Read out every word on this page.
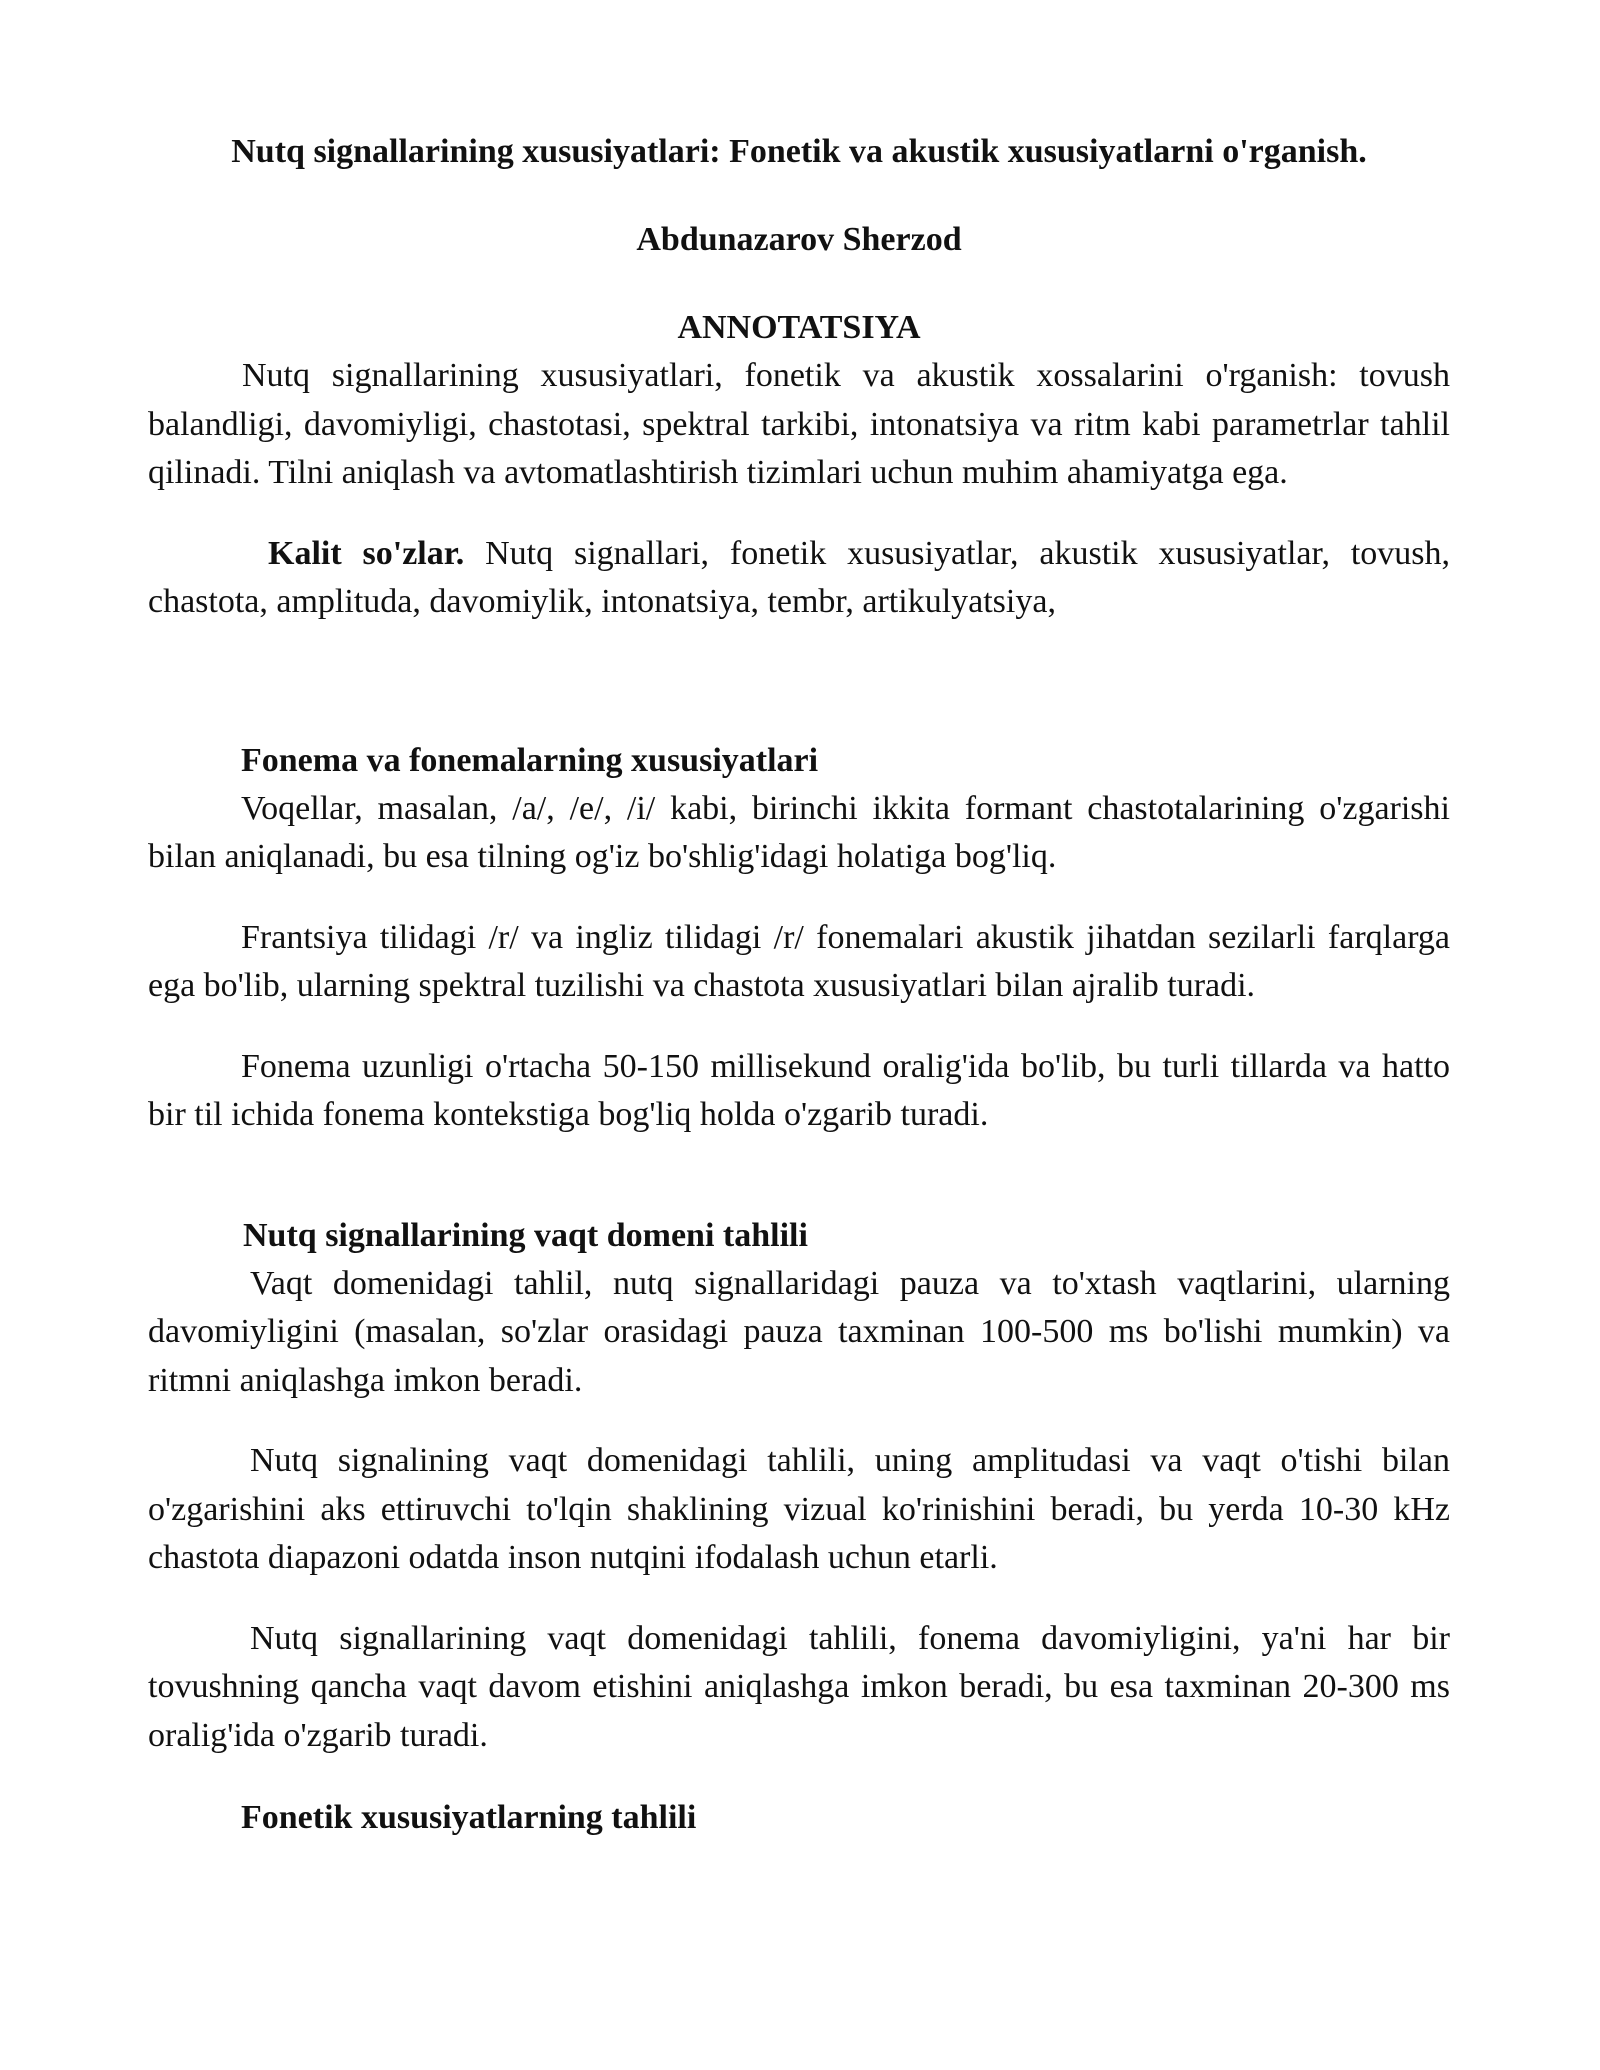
Nutq signallarining xususiyatlari: Fonetik va akustik xususiyatlarni o'rganish.
Abdunazarov Sherzod
ANNOTATSIYA

Nutq signallarining xususiyatlari, fonetik va akustik xossalarini o'rganish: tovush balandligi, davomiyligi, chastotasi, spektral tarkibi, intonatsiya va ritm kabi parametrlar tahlil qilinadi. Tilni aniqlash va avtomatlashtirish tizimlari uchun muhim ahamiyatga ega.

Kalit so'zlar. Nutq signallari, fonetik xususiyatlar, akustik xususiyatlar, tovush, chastota, amplituda, davomiylik, intonatsiya, tembr, artikulyatsiya,

Fonema va fonemalarning xususiyatlari

Voqellar, masalan, /a/, /e/, /i/ kabi, birinchi ikkita formant chastotalarining o'zgarishi bilan aniqlanadi, bu esa tilning og'iz bo'shlig'idagi holatiga bog'liq.

Frantsiya tilidagi /r/ va ingliz tilidagi /r/ fonemalari akustik jihatdan sezilarli farqlarga ega bo'lib, ularning spektral tuzilishi va chastota xususiyatlari bilan ajralib turadi.

Fonema uzunligi o'rtacha 50-150 millisekund oralig'ida bo'lib, bu turli tillarda va hatto bir til ichida fonema kontekstiga bog'liq holda o'zgarib turadi.

Nutq signallarining vaqt domeni tahlili

Vaqt domenidagi tahlil, nutq signallaridagi pauza va to'xtash vaqtlarini, ularning davomiyligini (masalan, so'zlar orasidagi pauza taxminan 100-500 ms bo'lishi mumkin) va ritmni aniqlashga imkon beradi.

Nutq signalining vaqt domenidagi tahlili, uning amplitudasi va vaqt o'tishi bilan o'zgarishini aks ettiruvchi to'lqin shaklining vizual ko'rinishini beradi, bu yerda 10-30 kHz chastota diapazoni odatda inson nutqini ifodalash uchun etarli.

Nutq signallarining vaqt domenidagi tahlili, fonema davomiyligini, ya'ni har bir tovushning qancha vaqt davom etishini aniqlashga imkon beradi, bu esa taxminan 20-300 ms oralig'ida o'zgarib turadi.

Fonetik xususiyatlarning tahlili
